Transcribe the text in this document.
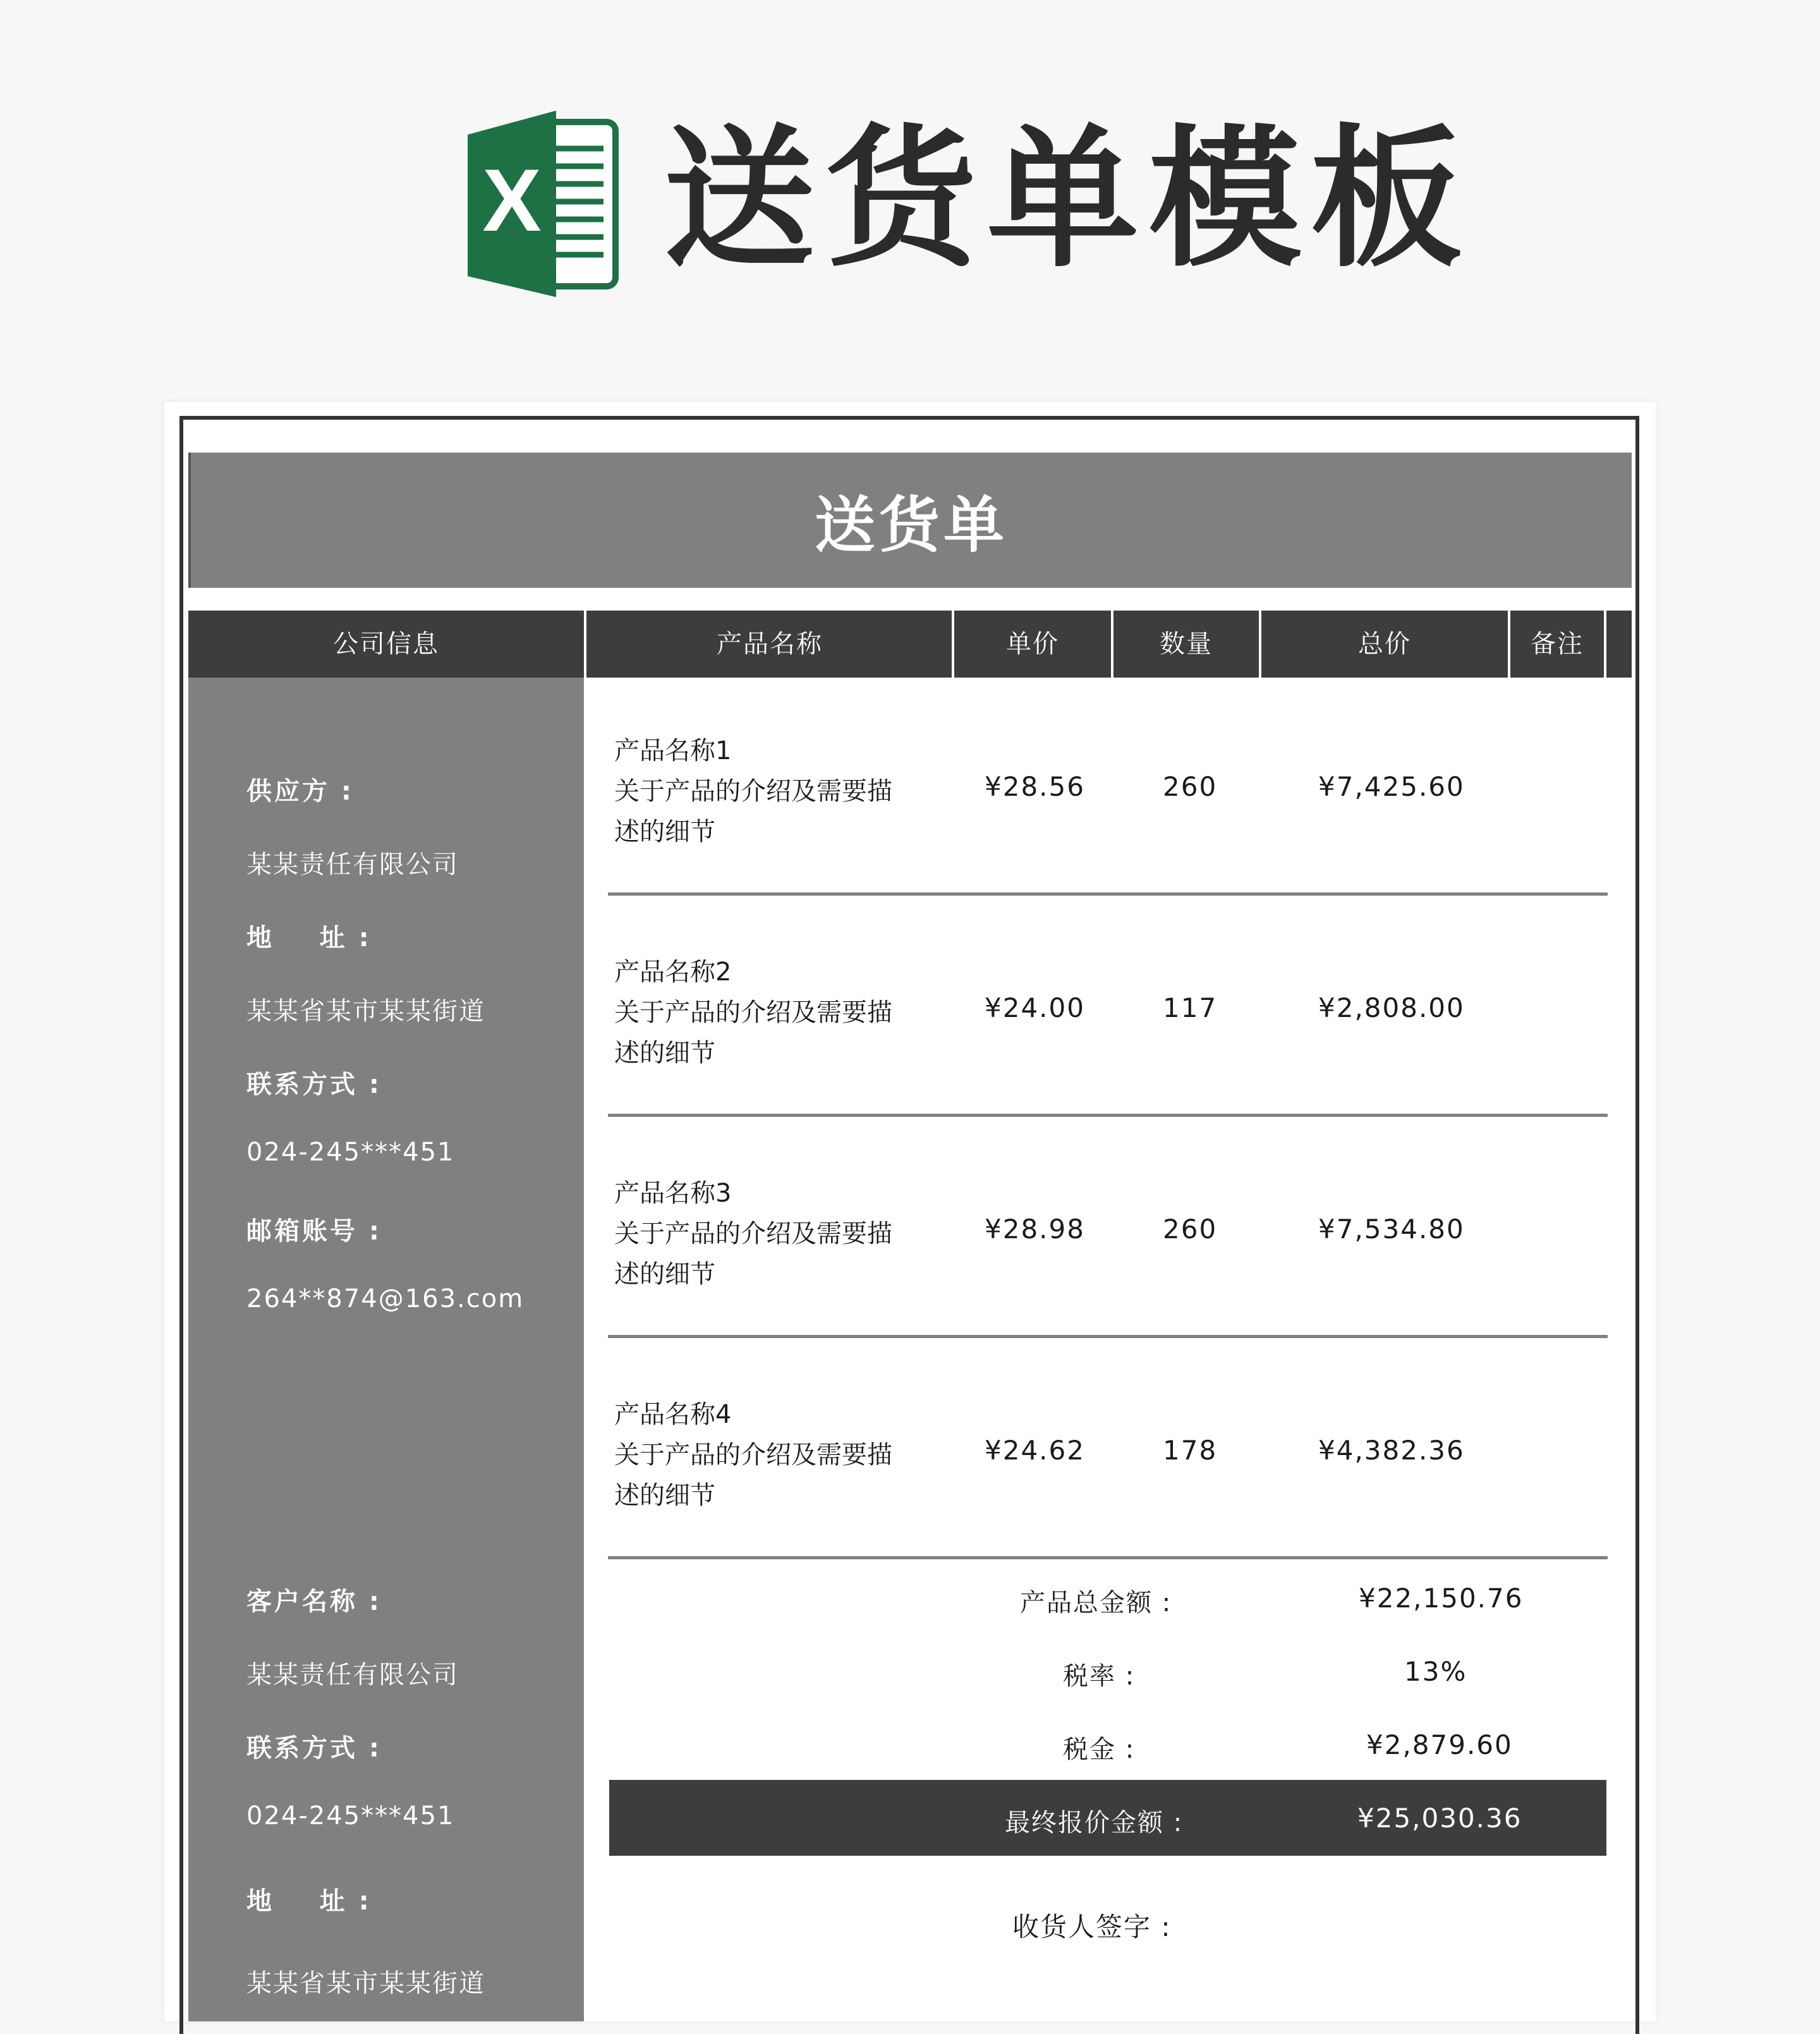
X 送货单模板
送货单
公司信息	产品名称	单价	数量	总价	备注
供应方 :
某某责任有限公司
地    址 :
某某省某市某某街道
联系方式 :
024-245***451
邮箱账号 :
264**874@163.com
客户名称 :
某某责任有限公司
联系方式 :
024-245***451
地    址 :
某某省某市某某街道
产品名称1
关于产品的介绍及需要描
述的细节
¥28.56	260	¥7,425.60
产品名称2
关于产品的介绍及需要描
述的细节
¥24.00	117	¥2,808.00
产品名称3
关于产品的介绍及需要描
述的细节
¥28.98	260	¥7,534.80
产品名称4
关于产品的介绍及需要描
述的细节
¥24.62	178	¥4,382.36
产品总金额 :	¥22,150.76
税率 :	13%
税金 :	¥2,879.60
最终报价金额 :	¥25,030.36
收货人签字 :
